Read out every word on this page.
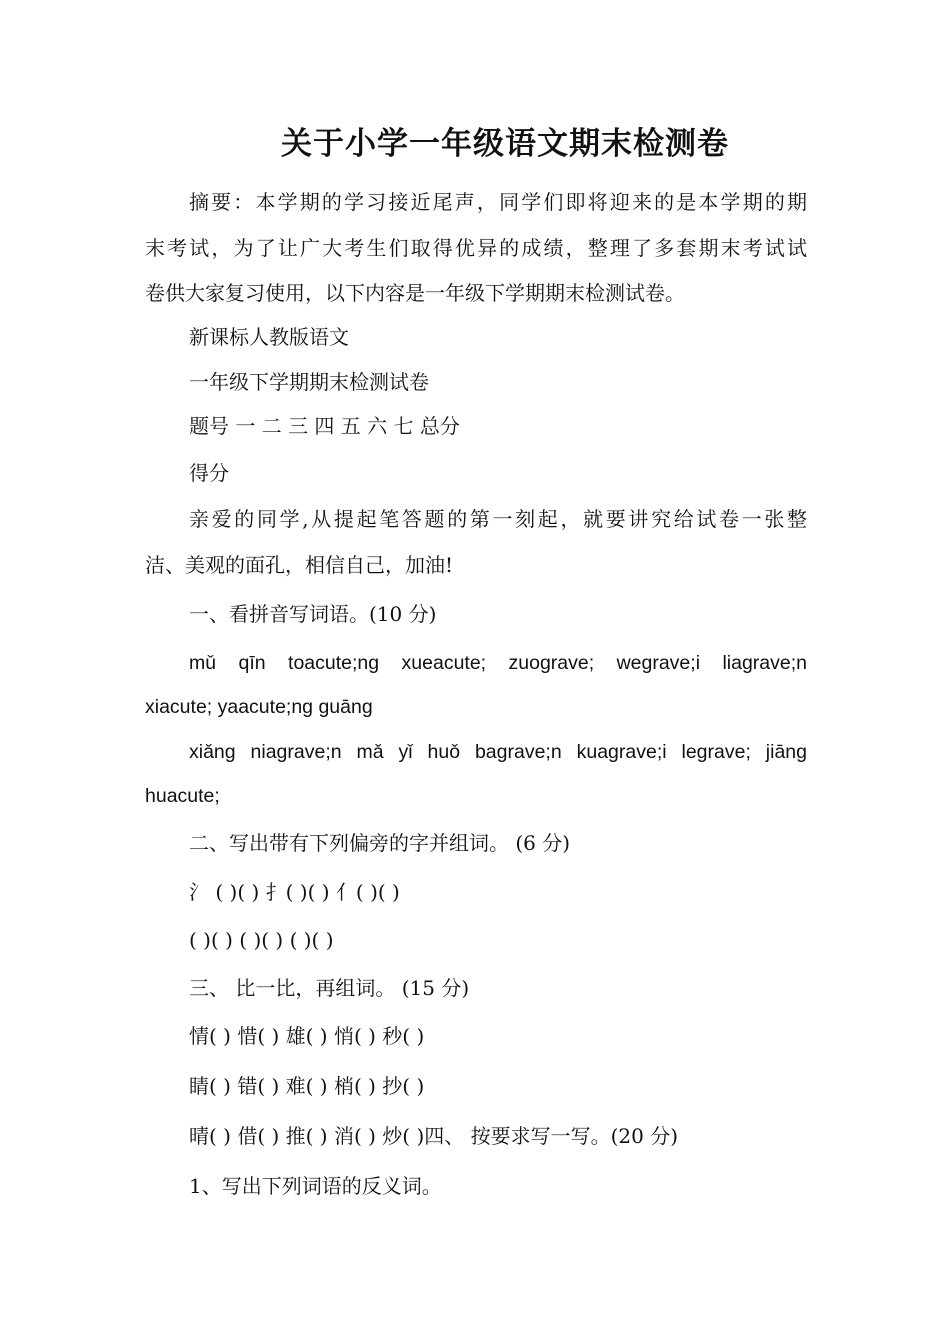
关于小学一年级语文期末检测卷
摘要：本学期的学习接近尾声，同学们即将迎来的是本学期的期
末考试，为了让广大考生们取得优异的成绩，整理了多套期末考试试
卷供大家复习使用，以下内容是一年级下学期期末检测试卷。
新课标人教版语文
一年级下学期期末检测试卷
题号 一 二 三 四 五 六 七 总分
得分
亲爱的同学,从提起笔答题的第一刻起，就要讲究给试卷一张整
洁、美观的面孔，相信自己，加油!
一、看拼音写词语。(10 分)
mǔ qīn toacute;ng xueacute; zuograve; wegrave;i liagrave;n
xiacute; yaacute;ng guāng
xiǎng niagrave;n mǎ yǐ huǒ bagrave;n kuagrave;i legrave; jiāng
huacute;
二、写出带有下列偏旁的字并组词。 (6 分)
氵 ( )( ) 扌( )( ) 亻( )( )
( )( ) ( )( ) ( )( )
三、 比一比，再组词。 (15 分)
情( ) 惜( ) 雄( ) 悄( ) 秒( )
睛( ) 错( ) 难( ) 梢( ) 抄( )
晴( ) 借( ) 推( ) 消( ) 炒( )四、 按要求写一写。(20 分)
1、写出下列词语的反义词。
